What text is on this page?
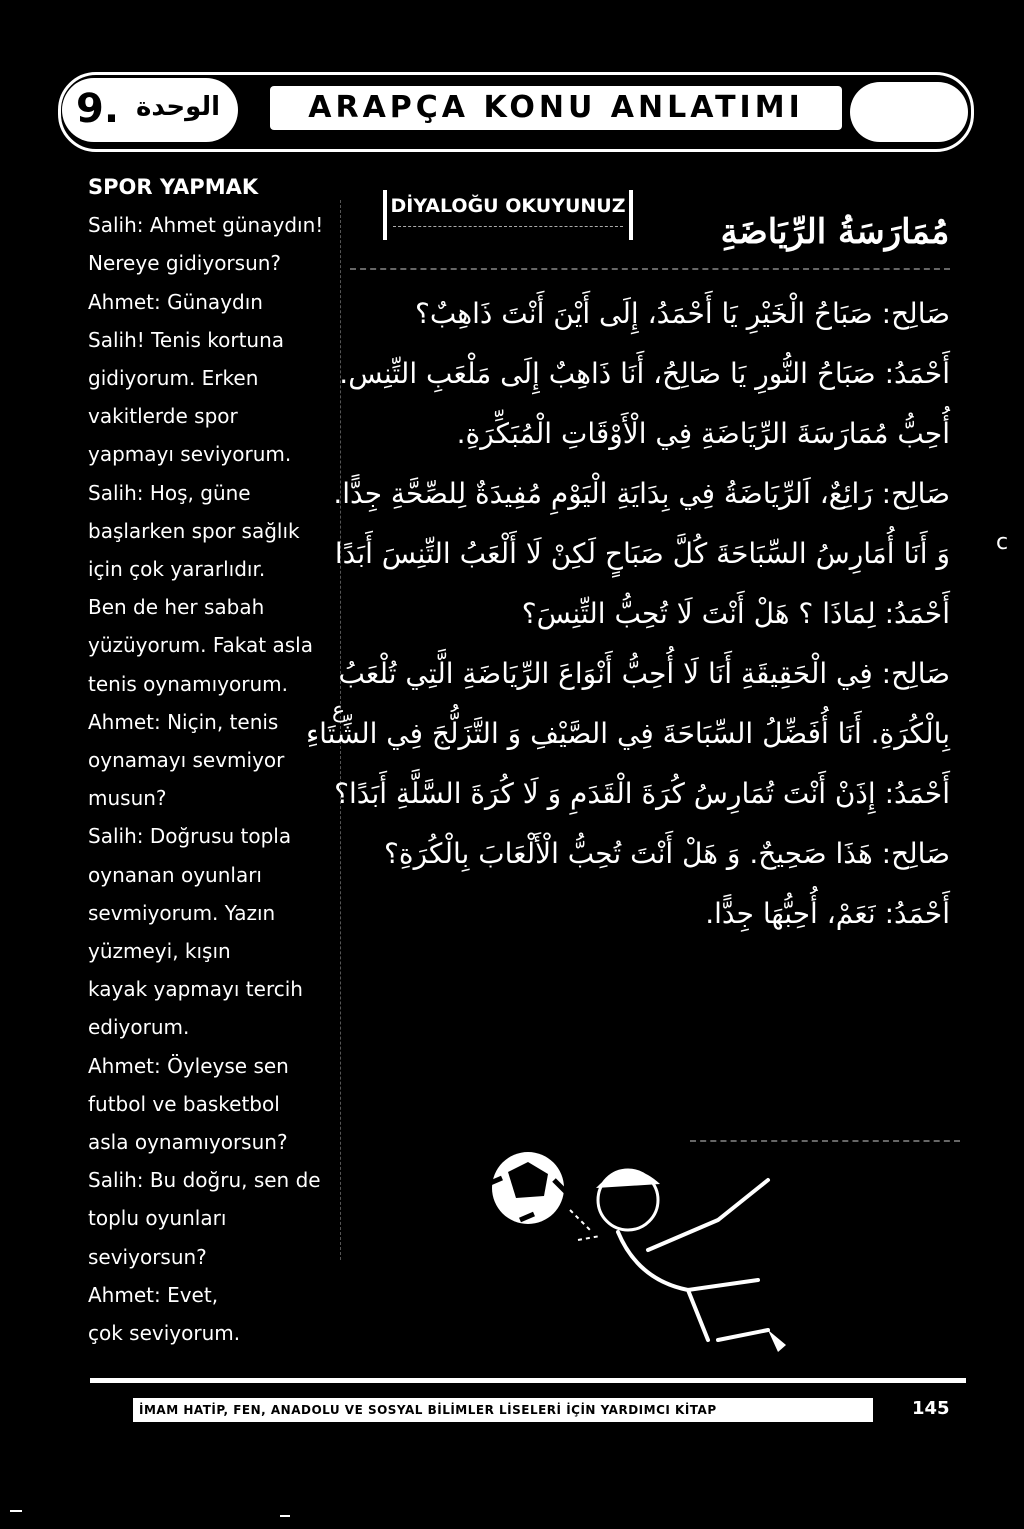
9. الوحدة	ARAPÇA KONU ANLATIMI
SPOR YAPMAK
Salih: Ahmet günaydın!
Nereye gidiyorsun?
Ahmet: Günaydın
Salih! Tenis kortuna
gidiyorum. Erken
vakitlerde spor
yapmayı seviyorum.
Salih: Hoş, güne
başlarken spor sağlık
için çok yararlıdır.
Ben de her sabah
yüzüyorum. Fakat asla
tenis oynamıyorum.
Ahmet: Niçin, tenis
oynamayı sevmiyor
musun?
Salih: Doğrusu topla
oynanan oyunları
sevmiyorum. Yazın
yüzmeyi, kışın
kayak yapmayı tercih
ediyorum.
Ahmet: Öyleyse sen
futbol ve basketbol
asla oynamıyorsun?
Salih: Bu doğru, sen de
toplu oyunları
seviyorsun?
Ahmet: Evet,
çok seviyorum.
DİYALOĞU OKUYUNUZ
مُمَارَسَةُ الرِّيَاضَةِ
صَالِح: صَبَاحُ الْخَيْرِ يَا أَحْمَدُ، إِلَى أَيْنَ أَنْتَ ذَاهِبٌ؟
أَحْمَدُ: صَبَاحُ النُّورِ يَا صَالِحُ، أَنَا ذَاهِبٌ إِلَى مَلْعَبِ التِّنِس.
أُحِبُّ مُمَارَسَةَ الرِّيَاضَةِ فِي الْأَوْقَاتِ الْمُبَكِّرَةِ.
صَالِح: رَائِعٌ، اَلرِّيَاضَةُ فِي بِدَايَةِ الْيَوْمِ مُفِيدَةٌ لِلصِّحَّةِ جِدًّا.
وَ أَنَا أُمَارِسُ السِّبَاحَةَ كُلَّ صَبَاحٍ لَكِنْ لَا أَلْعَبُ التِّنِسَ أَبَدًا
أَحْمَدُ: لِمَاذَا ؟ هَلْ أَنْتَ لَا تُحِبُّ التِّنِسَ؟
صَالِح: فِي الْحَقِيقَةِ أَنَا لَا أُحِبُّ أَنْوَاعَ الرِّيَاضَةِ الَّتِي تُلْعَبُ
بِالْكُرَةِ. أَنَا أُفَضِّلُ السِّبَاحَةَ فِي الصَّيْفِ وَ التَّزَلُّجَ فِي الشِّتَاءِ
أَحْمَدُ: إِذَنْ أَنْتَ تُمَارِسُ كُرَةَ الْقَدَمِ وَ لَا كُرَةَ السَّلَّةِ أَبَدًا؟
صَالِح: هَذَا صَحِيحٌ. وَ هَلْ أَنْتَ تُحِبُّ الْأَلْعَابَ بِالْكُرَةِ؟
أَحْمَدُ: نَعَمْ، أُحِبُّهَا جِدًّا.
ع
c
İMAM HATİP, FEN, ANADOLU VE SOSYAL BİLİMLER LİSELERİ İÇİN YARDIMCI KİTAP	145
